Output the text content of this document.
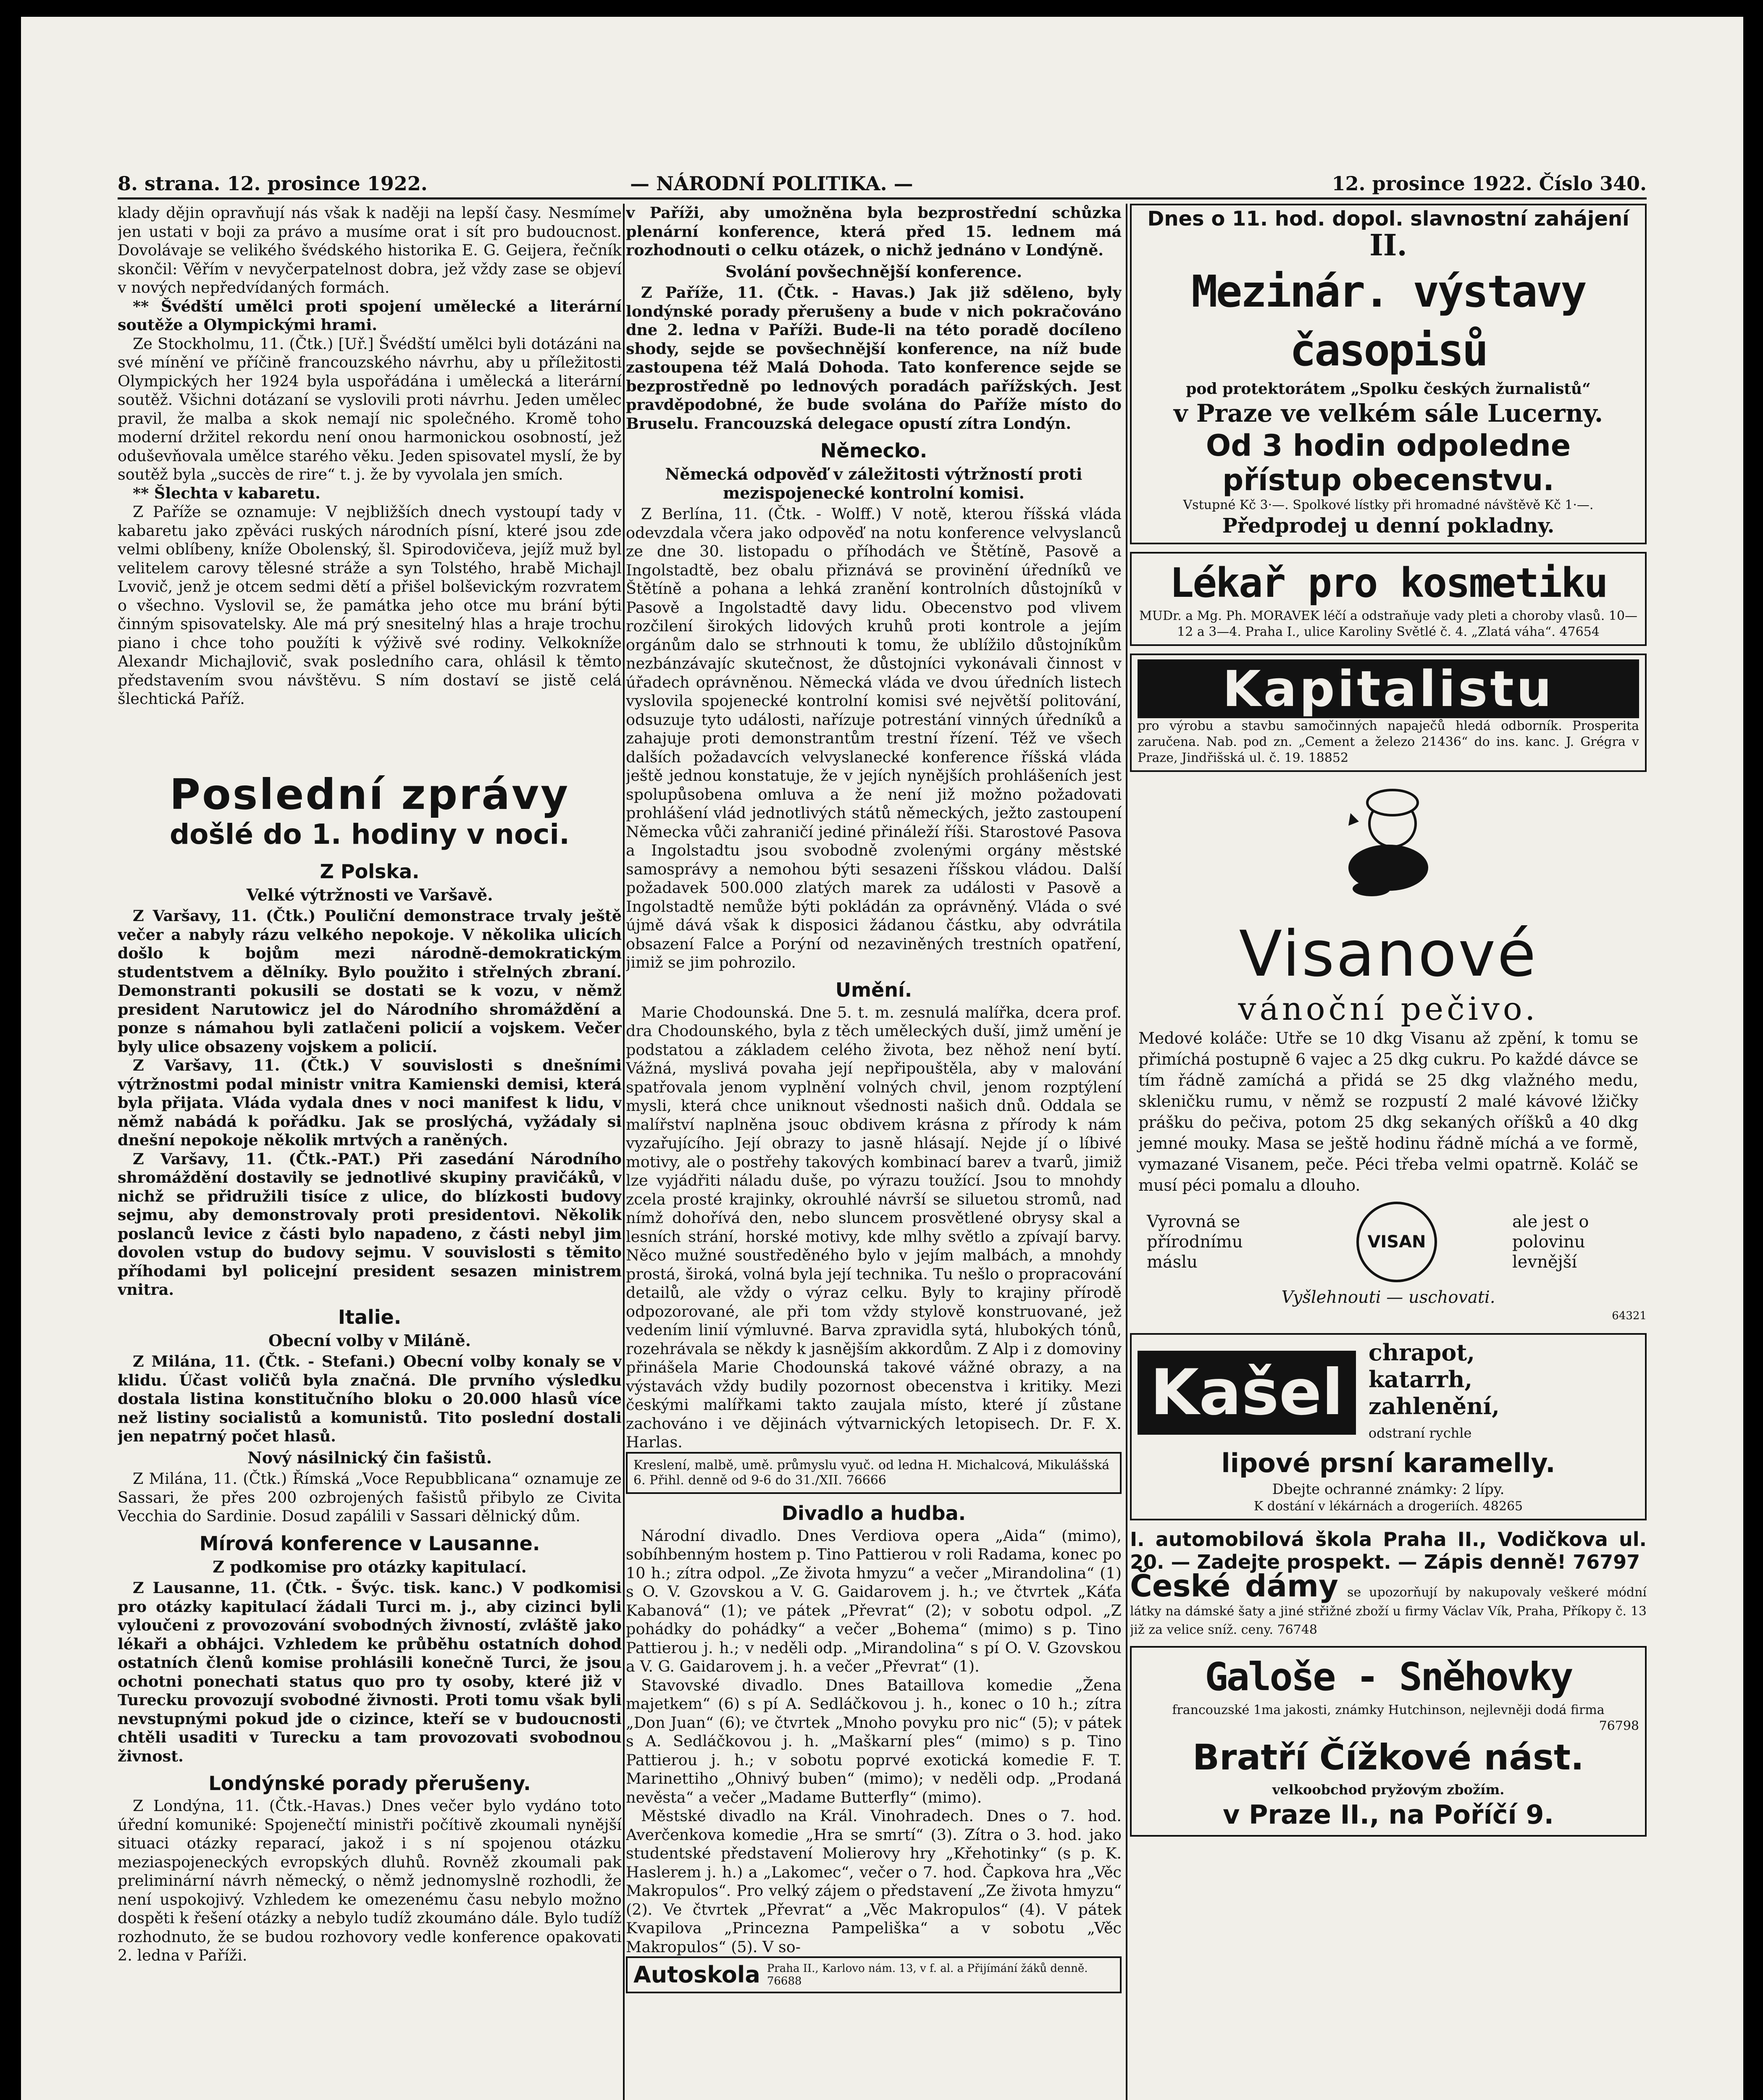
8. strana. 12. prosince 1922.	— NÁRODNÍ POLITIKA. —	12. prosince 1922. Číslo 340.

klady dějin opravňují nás však k naději na lepší časy. Nesmíme jen ustati v boji za právo a musíme orat i sít pro budoucnost. Dovolávaje se velikého švédského historika E. G. Geijera, řečník skončil: Věřím v nevyčerpatelnost dobra, jež vždy zase se objeví v nových nepředvídaných formách.

** Švédští umělci proti spojení umělecké a literární soutěže a Olympickými hrami.

Ze Stockholmu, 11. (Čtk.) [Uř.] Švédští umělci byli dotázáni na své mínění ve příčině francouzského návrhu, aby u příležitosti Olympických her 1924 byla uspořádána i umělecká a literární soutěž. Všichni dotázaní se vyslovili proti návrhu. Jeden umělec pravil, že malba a skok nemají nic společného. Kromě toho moderní držitel rekordu není onou harmonickou osobností, jež oduševňovala umělce starého věku. Jeden spisovatel myslí, že by soutěž byla „succès de rire“ t. j. že by vyvolala jen smích.

** Šlechta v kabaretu.

Z Paříže se oznamuje: V nejbližších dnech vystoupí tady v kabaretu jako zpěváci ruských národních písní, které jsou zde velmi oblíbeny, kníže Obolenský, šl. Spirodovičeva, jejíž muž byl velitelem carovy tělesné stráže a syn Tolstého, hrabě Michajl Lvovič, jenž je otcem sedmi dětí a přišel bolševickým rozvratem o všechno. Vyslovil se, že památka jeho otce mu brání býti činným spisovatelsky. Ale má prý snesitelný hlas a hraje trochu piano i chce toho použíti k výživě své rodiny. Velkokníže Alexandr Michajlovič, svak posledního cara, ohlásil k těmto představením svou návštěvu. S ním dostaví se jistě celá šlechtická Paříž.

Poslední zprávy
došlé do 1. hodiny v noci.
Z Polska.
Velké výtržnosti ve Varšavě.

Z Varšavy, 11. (Čtk.) Pouliční demonstrace trvaly ještě večer a nabyly rázu velkého nepokoje. V několika ulicích došlo k bojům mezi národně-demokratickým studentstvem a dělníky. Bylo použito i střelných zbraní. Demonstranti pokusili se dostati se k vozu, v němž president Narutowicz jel do Národního shromáždění a ponze s námahou byli zatlačeni policií a vojskem. Večer byly ulice obsazeny vojskem a policií.

Z Varšavy, 11. (Čtk.) V souvislosti s dnešními výtržnostmi podal ministr vnitra Kamienski demisi, která byla přijata. Vláda vydala dnes v noci manifest k lidu, v němž nabádá k pořádku. Jak se proslýchá, vyžádaly si dnešní nepokoje několik mrtvých a raněných.

Z Varšavy, 11. (Čtk.-PAT.) Při zasedání Národního shromáždění dostavily se jednotlivé skupiny pravičáků, v nichž se přidružili tisíce z ulice, do blízkosti budovy sejmu, aby demonstrovaly proti presidentovi. Několik poslanců levice z části bylo napadeno, z části nebyl jim dovolen vstup do budovy sejmu. V souvislosti s těmito příhodami byl policejní president sesazen ministrem vnitra.

Italie.
Obecní volby v Miláně.

Z Milána, 11. (Čtk. - Stefani.) Obecní volby konaly se v klidu. Účast voličů byla značná. Dle prvního výsledku dostala listina konstitučního bloku o 20.000 hlasů více než listiny socialistů a komunistů. Tito poslední dostali jen nepatrný počet hlasů.

Nový násilnický čin fašistů.

Z Milána, 11. (Čtk.) Římská „Voce Repubblicana“ oznamuje ze Sassari, že přes 200 ozbrojených fašistů přibylo ze Civita Vecchia do Sardinie. Dosud zapálili v Sassari dělnický dům.

Mírová konference v Lausanne.
Z podkomise pro otázky kapitulací.

Z Lausanne, 11. (Čtk. - Švýc. tisk. kanc.) V podkomisi pro otázky kapitulací žádali Turci m. j., aby cizinci byli vyloučeni z provozování svobodných živností, zvláště jako lékaři a obhájci. Vzhledem ke průběhu ostatních dohod ostatních členů komise prohlásili konečně Turci, že jsou ochotni ponechati status quo pro ty osoby, které již v Turecku provozují svobodné živnosti. Proti tomu však byli nevstupnými pokud jde o cizince, kteří se v budoucnosti chtěli usaditi v Turecku a tam provozovati svobodnou živnost.

Londýnské porady přerušeny.

Z Londýna, 11. (Čtk.-Havas.) Dnes večer bylo vydáno toto úřední komuniké: Spojenečtí ministři počítivě zkoumali nynější situaci otázky reparací, jakož i s ní spojenou otázku meziaspojeneckých evropských dluhů. Rovněž zkoumali pak preliminární návrh německý, o němž jednomyslně rozhodli, že není uspokojivý. Vzhledem ke omezenému času nebylo možno dospěti k řešení otázky a nebylo tudíž zkoumáno dále. Bylo tudíž rozhodnuto, že se budou rozhovory vedle konference opakovati 2. ledna v Paříži.

v Paříži, aby umožněna byla bezprostřední schůzka plenární konference, která před 15. lednem má rozhodnouti o celku otázek, o nichž jednáno v Londýně.

Svolání povšechnější konference.

Z Paříže, 11. (Čtk. - Havas.) Jak již sděleno, byly londýnské porady přerušeny a bude v nich pokračováno dne 2. ledna v Paříži. Bude-li na této poradě docíleno shody, sejde se povšechnější konference, na níž bude zastoupena též Malá Dohoda. Tato konference sejde se bezprostředně po lednových poradách pařížských. Jest pravděpodobné, že bude svolána do Paříže místo do Bruselu. Francouzská delegace opustí zítra Londýn.

Německo.
Německá odpověď v záležitosti výtržností proti mezispojenecké kontrolní komisi.

Z Berlína, 11. (Čtk. - Wolff.) V notě, kterou říšská vláda odevzdala včera jako odpověď na notu konference velvyslanců ze dne 30. listopadu o příhodách ve Štětíně, Pasově a Ingolstadtě, bez obalu přiznává se provinění úředníků ve Štětíně a pohana a lehká zranění kontrolních důstojníků v Pasově a Ingolstadtě davy lidu. Obecenstvo pod vlivem rozčilení širokých lidových kruhů proti kontrole a jejím orgánům dalo se strhnouti k tomu, že ublížilo důstojníkům nezbánzávajíc skutečnost, že důstojníci vykonávali činnost v úřadech oprávněnou. Německá vláda ve dvou úředních listech vyslovila spojenecké kontrolní komisi své největší politování, odsuzuje tyto události, nařízuje potrestání vinných úředníků a zahajuje proti demonstrantům trestní řízení. Též ve všech dalších požadavcích velvyslanecké konference říšská vláda ještě jednou konstatuje, že v jejích nynějších prohlášeních jest spolupůsobena omluva a že není již možno požadovati prohlášení vlád jednotlivých států německých, ježto zastoupení Německa vůči zahraničí jediné přináleží říši. Starostové Pasova a Ingolstadtu jsou svobodně zvolenými orgány městské samosprávy a nemohou býti sesazeni říšskou vládou. Další požadavek 500.000 zlatých marek za události v Pasově a Ingolstadtě nemůže býti pokládán za oprávněný. Vláda o své újmě dává však k disposici žádanou částku, aby odvrátila obsazení Falce a Porýní od nezaviněných trestních opatření, jimiž se jim pohrozilo.

Umění.

Marie Chodounská. Dne 5. t. m. zesnulá malířka, dcera prof. dra Chodounského, byla z těch uměleckých duší, jimž umění je podstatou a základem celého života, bez něhož není bytí. Vážná, myslivá povaha její nepřipouštěla, aby v malování spatřovala jenom vyplnění volných chvil, jenom rozptýlení mysli, která chce uniknout všednosti našich dnů. Oddala se malířství naplněna jsouc obdivem krásna z přírody k nám vyzařujícího. Její obrazy to jasně hlásají. Nejde jí o líbivé motivy, ale o postřehy takových kombinací barev a tvarů, jimiž lze vyjádřiti náladu duše, po výrazu toužící. Jsou to mnohdy zcela prosté krajinky, okrouhlé návrší se siluetou stromů, nad nímž dohořívá den, nebo sluncem prosvětlené obrysy skal a lesních strání, horské motivy, kde mlhy světlo a zpívají barvy. Něco mužné soustředěného bylo v jejím malbách, a mnohdy prostá, široká, volná byla její technika. Tu nešlo o propracování detailů, ale vždy o výraz celku. Byly to krajiny přírodě odpozorované, ale při tom vždy stylově konstruované, jež vedením linií výmluvné. Barva zpravidla sytá, hlubokých tónů, rozehrávala se někdy k jasnějším akkordům. Z Alp i z domoviny přinášela Marie Chodounská takové vážné obrazy, a na výstavách vždy budily pozornost obecenstva i kritiky. Mezi českými malířkami takto zaujala místo, které jí zůstane zachováno i ve dějinách výtvarnických letopisech. Dr. F. X. Harlas.

Kreslení, malbě, umě. průmyslu vyuč. od ledna H. Michalcová, Mikulášská 6. Přihl. denně od 9-6 do 31./XII. 76666
Divadlo a hudba.

Národní divadlo. Dnes Verdiova opera „Aida“ (mimo), sobíhbenným hostem p. Tino Pattierou v roli Radama, konec po 10 h.; zítra odpol. „Ze života hmyzu“ a večer „Mirandolina“ (1) s O. V. Gzovskou a V. G. Gaidarovem j. h.; ve čtvrtek „Káťa Kabanová“ (1); ve pátek „Převrat“ (2); v sobotu odpol. „Z pohádky do pohádky“ a večer „Bohema“ (mimo) s p. Tino Pattierou j. h.; v neděli odp. „Mirandolina“ s pí O. V. Gzovskou a V. G. Gaidarovem j. h. a večer „Převrat“ (1).

Stavovské divadlo. Dnes Bataillova komedie „Žena majetkem“ (6) s pí A. Sedláčkovou j. h., konec o 10 h.; zítra „Don Juan“ (6); ve čtvrtek „Mnoho povyku pro nic“ (5); v pátek s A. Sedláčkovou j. h. „Maškarní ples“ (mimo) s p. Tino Pattierou j. h.; v sobotu poprvé exotická komedie F. T. Marinettiho „Ohnivý buben“ (mimo); v neděli odp. „Prodaná nevěsta“ a večer „Madame Butterfly“ (mimo).

Městské divadlo na Král. Vinohradech. Dnes o 7. hod. Averčenkova komedie „Hra se smrtí“ (3). Zítra o 3. hod. jako studentské představení Molierovy hry „Křehotinky“ (s p. K. Haslerem j. h.) a „Lakomec“, večer o 7. hod. Čapkova hra „Věc Makropulos“. Pro velký zájem o představení „Ze života hmyzu“ (2). Ve čtvrtek „Převrat“ a „Věc Makropulos“ (4). V pátek Kvapilova „Princezna Pampeliška“ a v sobotu „Věc Makropulos“ (5). V so-

Autoskola Praha II., Karlovo nám. 13, v f. al. a Přijímání žáků denně. 76688
Dnes o 11. hod. dopol. slavnostní zahájení
II.
Mezinár. výstavy časopisů
pod protektorátem „Spolku českých žurnalistů“
v Praze ve velkém sále Lucerny.
Od 3 hodin odpoledne
přístup obecenstvu.
Vstupné Kč 3·—. Spolkové lístky při hromadné návštěvě Kč 1·—.
Předprodej u denní pokladny.
Lékař pro kosmetiku
MUDr. a Mg. Ph. MORAVEK léčí a odstraňuje vady pleti a choroby vlasů. 10—12 a 3—4. Praha I., ulice Karoliny Světlé č. 4. „Zlatá váha“. 47654
Kapitalistu
pro výrobu a stavbu samočinných napaječů hledá odborník. Prosperita zaručena. Nab. pod zn. „Cement a železo 21436“ do ins. kanc. J. Grégra v Praze, Jindřišská ul. č. 19. 18852
Visanové
vánoční pečivo.
Medové koláče: Utře se 10 dkg Visanu až zpění, k tomu se přimíchá postupně 6 vajec a 25 dkg cukru. Po každé dávce se tím řádně zamíchá a přidá se 25 dkg vlažného medu, skleničku rumu, v němž se rozpustí 2 malé kávové lžičky prášku do pečiva, potom 25 dkg sekaných oříšků a 40 dkg jemné mouky. Masa se ještě hodinu řádně míchá a ve formě, vymazané Visanem, peče. Péci třeba velmi opatrně. Koláč se musí péci pomalu a dlouho.
Vyrovná se přírodnímu máslu
VISAN
ale jest o polovinu levnější
Vyšlehnouti — uschovati.
64321
Kašel
chrapot,
katarrh,
zahlenění,
odstraní rychle
lipové prsní karamelly.
Dbejte ochranné známky: 2 lípy.
K dostání v lékárnách a drogeriích. 48265
I. automobilová škola Praha II., Vodičkova ul. 20. — Zadejte prospekt. — Zápis denně! 76797
České dámy se upozorňují by nakupovaly veškeré módní látky na dámské šaty a jiné střižné zboží u firmy Václav Vík, Praha, Příkopy č. 13 již za velice sníž. ceny. 76748
Galoše - Sněhovky
francouzské 1ma jakosti, známky Hutchinson, nejlevněji dodá firma
76798
Bratří Čížkové nást.
velkoobchod pryžovým zbožím.
v Praze II., na Poříčí 9.
